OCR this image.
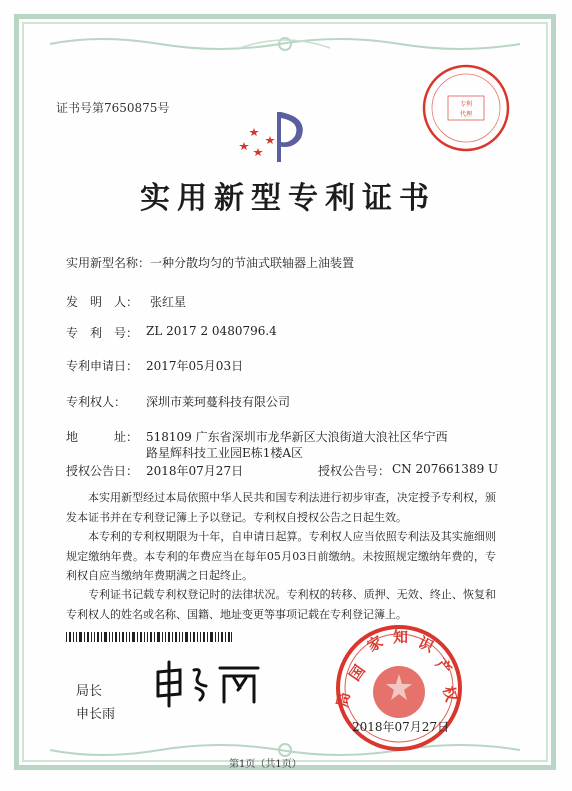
专利
代理
证书号第7650875号
实用新型专利证书
实用新型名称： 一种分散均匀的节油式联轴器上油装置
发　明　人： 张红星
专　利　号： ZL 2017 2 0480796.4
专利申请日： 2017年05月03日
专利权人： 深圳市莱珂蔓科技有限公司
地　　　址： 518109 广东省深圳市龙华新区大浪街道大浪社区华宁西
路星辉科技工业园E栋1楼A区
授权公告日： 2018年07月27日	授权公告号： CN 207661389 U
本实用新型经过本局依照中华人民共和国专利法进行初步审查，决定授予专利权，颁发本证书并在专利登记簿上予以登记。专利权自授权公告之日起生效。
本专利的专利权期限为十年，自申请日起算。专利权人应当依照专利法及其实施细则规定缴纳年费。本专利的年费应当在每年05月03日前缴纳。未按照规定缴纳年费的，专利权自应当缴纳年费期满之日起终止。
专利证书记载专利权登记时的法律状况。专利权的转移、质押、无效、终止、恢复和专利权人的姓名或名称、国籍、地址变更等事项记载在专利登记簿上。
局长
申长雨
国
家 知 识
产
权
局
2018年07月27日
第1页（共1页）
